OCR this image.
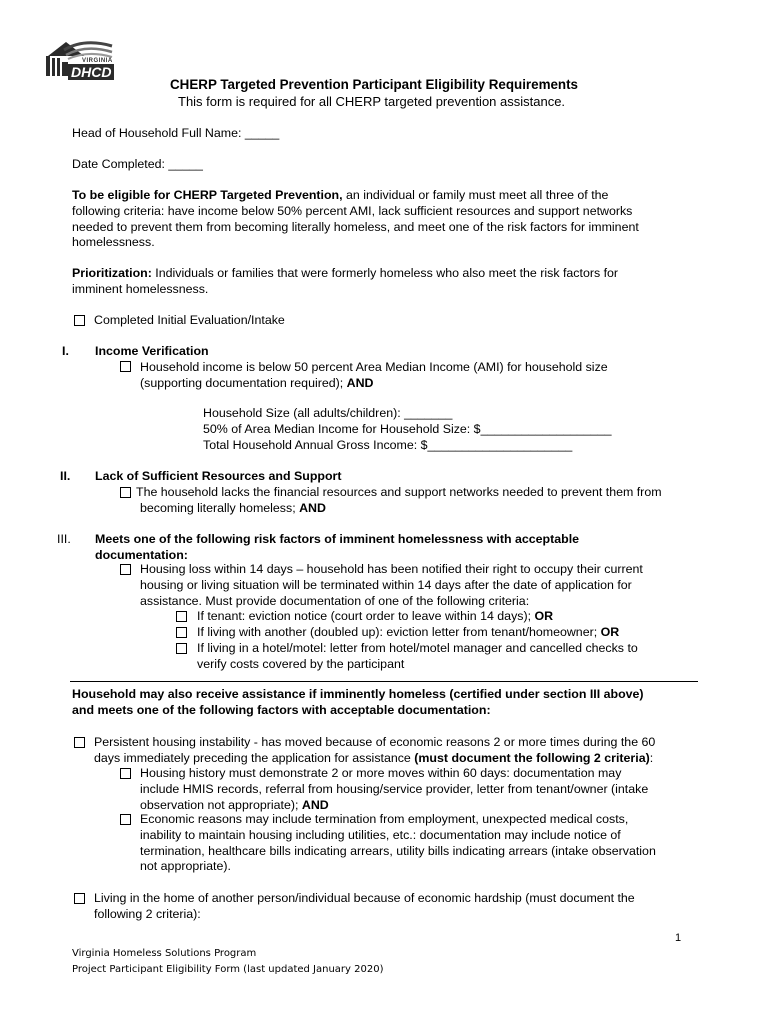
VIRGINIA
DHCD
CHERP Targeted Prevention Participant Eligibility Requirements
This form is required for all CHERP targeted prevention assistance.
Head of Household Full Name: _____
Date Completed: _____
To be eligible for CHERP Targeted Prevention, an individual or family must meet all three of the
following criteria: have income below 50% percent AMI, lack sufficient resources and support networks
needed to prevent them from becoming literally homeless, and meet one of the risk factors for imminent
homelessness.
Prioritization: Individuals or families that were formerly homeless who also meet the risk factors for
imminent homelessness.
Completed Initial Evaluation/Intake
I. Income Verification
Household income is below 50 percent Area Median Income (AMI) for household size
(supporting documentation required); AND
Household Size (all adults/children): _______
50% of Area Median Income for Household Size: $___________________
Total Household Annual Gross Income: $_____________________
II. Lack of Sufficient Resources and Support
The household lacks the financial resources and support networks needed to prevent them from
becoming literally homeless; AND
III. Meets one of the following risk factors of imminent homelessness with acceptable
documentation:
Housing loss within 14 days – household has been notified their right to occupy their current
housing or living situation will be terminated within 14 days after the date of application for
assistance. Must provide documentation of one of the following criteria:
If tenant: eviction notice (court order to leave within 14 days); OR
If living with another (doubled up): eviction letter from tenant/homeowner; OR
If living in a hotel/motel: letter from hotel/motel manager and cancelled checks to
verify costs covered by the participant
Household may also receive assistance if imminently homeless (certified under section III above)
and meets one of the following factors with acceptable documentation:
Persistent housing instability - has moved because of economic reasons 2 or more times during the 60
days immediately preceding the application for assistance (must document the following 2 criteria):
Housing history must demonstrate 2 or more moves within 60 days: documentation may
include HMIS records, referral from housing/service provider, letter from tenant/owner (intake
observation not appropriate); AND
Economic reasons may include termination from employment, unexpected medical costs,
inability to maintain housing including utilities, etc.: documentation may include notice of
termination, healthcare bills indicating arrears, utility bills indicating arrears (intake observation
not appropriate).
Living in the home of another person/individual because of economic hardship (must document the
following 2 criteria):
1
Virginia Homeless Solutions Program
Project Participant Eligibility Form (last updated January 2020)
